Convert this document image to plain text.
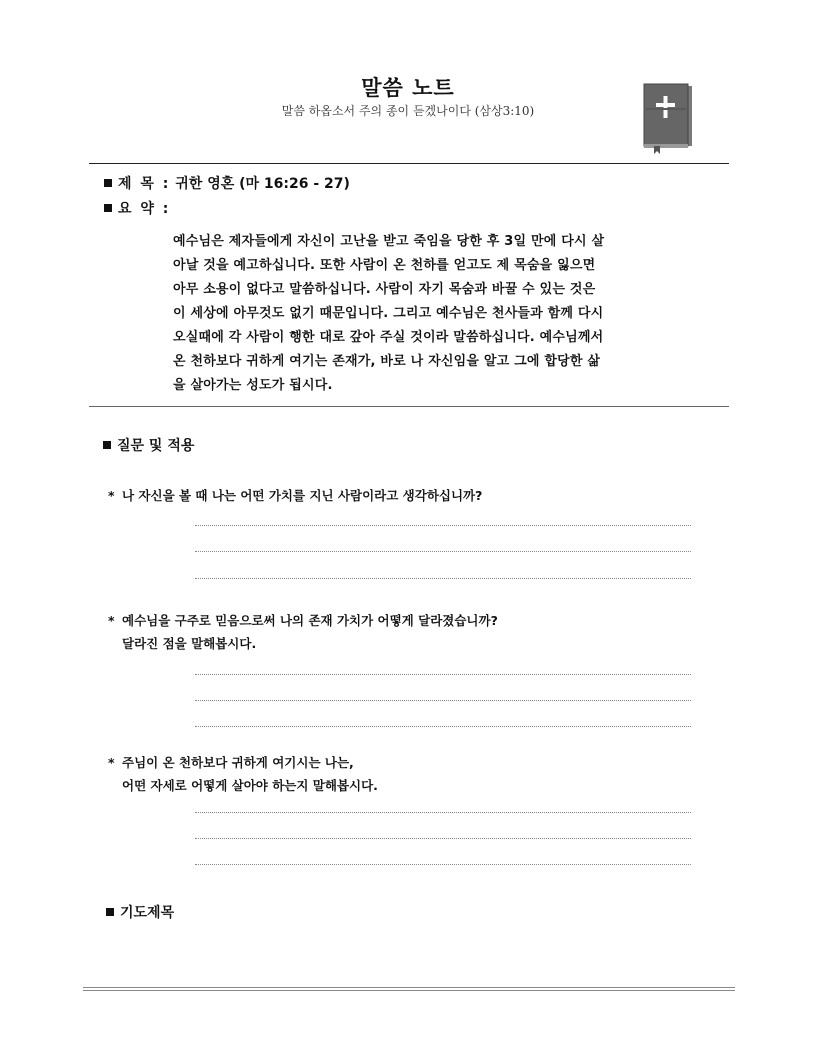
말씀 노트
말씀 하옵소서 주의 종이 듣겠나이다 (삼상3:10)
제 목 : 귀한 영혼 (마 16:26 - 27)
요 약 :
예수님은 제자들에게 자신이 고난을 받고 죽임을 당한 후 3일 만에 다시 살
아날 것을 예고하십니다. 또한 사람이 온 천하를 얻고도 제 목숨을 잃으면
아무 소용이 없다고 말씀하십니다. 사람이 자기 목숨과 바꿀 수 있는 것은
이 세상에 아무것도 없기 때문입니다. 그리고 예수님은 천사들과 함께 다시
오실때에 각 사람이 행한 대로 갚아 주실 것이라 말씀하십니다. 예수님께서
온 천하보다 귀하게 여기는 존재가, 바로 나 자신임을 알고 그에 합당한 삶
을 살아가는 성도가 됩시다.
질문 및 적용
* 나 자신을 볼 때 나는 어떤 가치를 지닌 사람이라고 생각하십니까?
* 예수님을 구주로 믿음으로써 나의 존재 가치가 어떻게 달라졌습니까?
달라진 점을 말해봅시다.
* 주님이 온 천하보다 귀하게 여기시는 나는,
어떤 자세로 어떻게 살아야 하는지 말해봅시다.
기도제목
